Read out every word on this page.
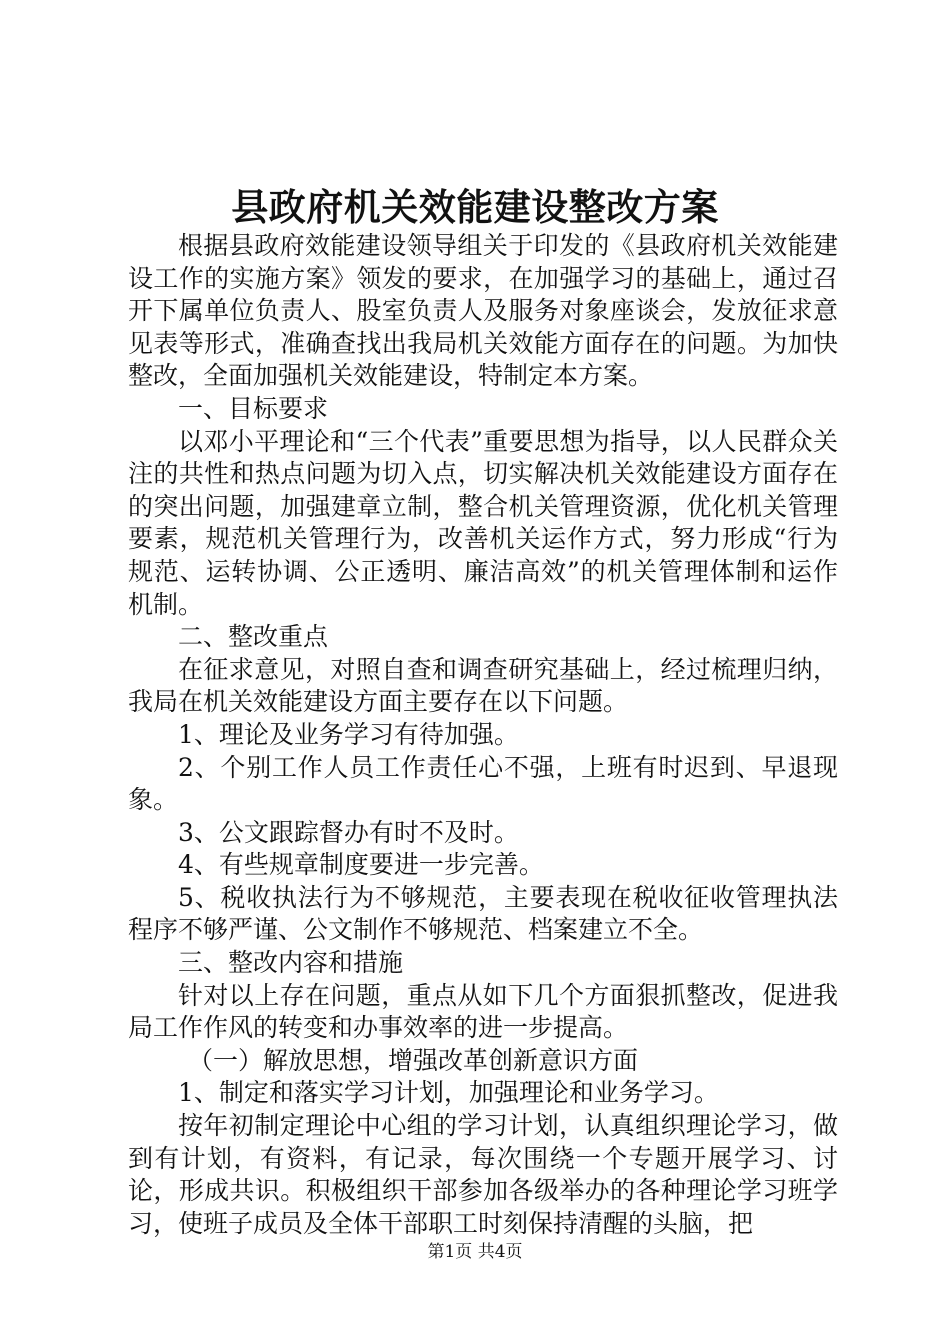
县政府机关效能建设整改方案

根据县政府效能建设领导组关于印发的《县政府机关效能建设工作的实施方案》领发的要求，在加强学习的基础上，通过召开下属单位负责人、股室负责人及服务对象座谈会，发放征求意见表等形式，准确查找出我局机关效能方面存在的问题。为加快整改，全面加强机关效能建设，特制定本方案。

一、目标要求

以邓小平理论和“三个代表”重要思想为指导，以人民群众关注的共性和热点问题为切入点，切实解决机关效能建设方面存在的突出问题，加强建章立制，整合机关管理资源，优化机关管理要素，规范机关管理行为，改善机关运作方式，努力形成“行为规范、运转协调、公正透明、廉洁高效”的机关管理体制和运作机制。

二、整改重点

在征求意见，对照自查和调查研究基础上，经过梳理归纳，我局在机关效能建设方面主要存在以下问题。

1、理论及业务学习有待加强。

2、个别工作人员工作责任心不强，上班有时迟到、早退现象。

3、公文跟踪督办有时不及时。

4、有些规章制度要进一步完善。

5、税收执法行为不够规范，主要表现在税收征收管理执法程序不够严谨、公文制作不够规范、档案建立不全。

三、整改内容和措施

针对以上存在问题，重点从如下几个方面狠抓整改，促进我局工作作风的转变和办事效率的进一步提高。

（一）解放思想，增强改革创新意识方面

1、制定和落实学习计划，加强理论和业务学习。

按年初制定理论中心组的学习计划，认真组织理论学习，做到有计划，有资料，有记录，每次围绕一个专题开展学习、讨论，形成共识。积极组织干部参加各级举办的各种理论学习班学习，使班子成员及全体干部职工时刻保持清醒的头脑，把

第1页 共4页
